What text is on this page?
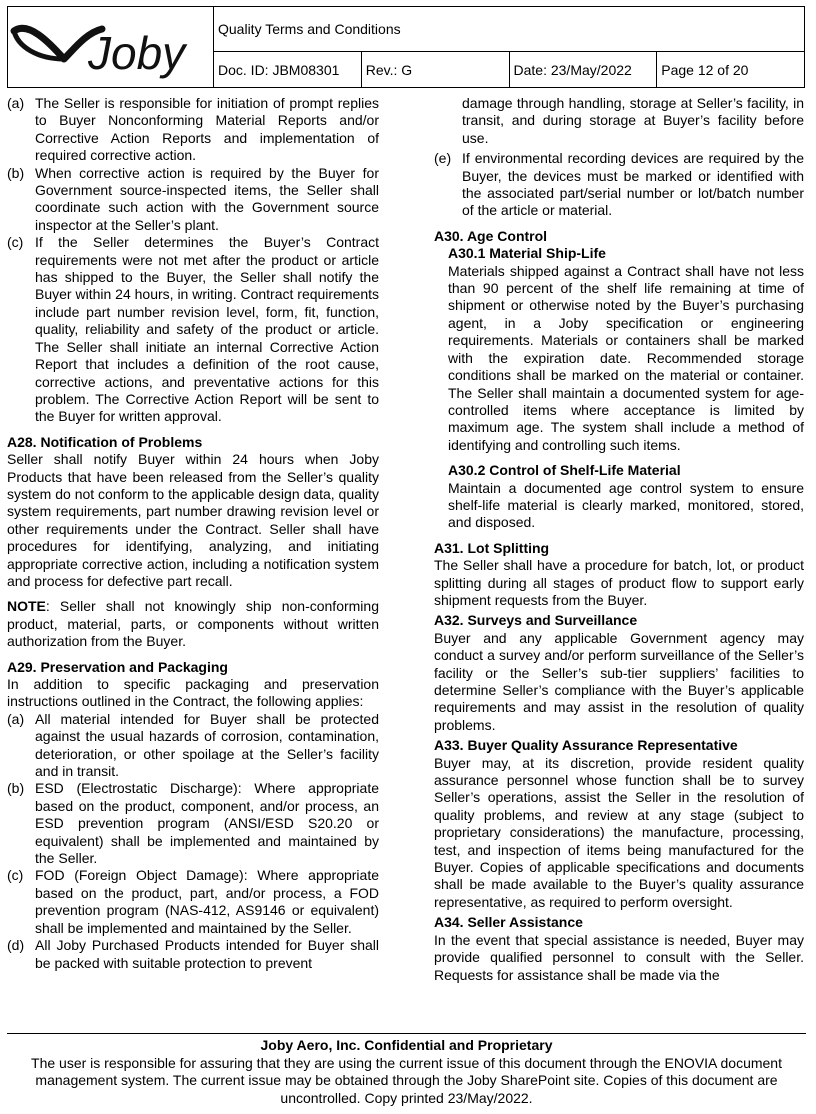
Joby	Quality Terms and Conditions			
	Doc. ID: JBM08301	Rev.: G	Date: 23/May/2022	Page 12 of 20
(a) The Seller is responsible for initiation of prompt replies to Buyer Nonconforming Material Reports and/or Corrective Action Reports and implementation of required corrective action.
(b) When corrective action is required by the Buyer for Government source-inspected items, the Seller shall coordinate such action with the Government source inspector at the Seller’s plant.
(c) If the Seller determines the Buyer’s Contract requirements were not met after the product or article has shipped to the Buyer, the Seller shall notify the Buyer within 24 hours, in writing. Contract requirements include part number revision level, form, fit, function, quality, reliability and safety of the product or article. The Seller shall initiate an internal Corrective Action Report that includes a definition of the root cause, corrective actions, and preventative actions for this problem. The Corrective Action Report will be sent to the Buyer for written approval.

A28. Notification of Problems

Seller shall notify Buyer within 24 hours when Joby Products that have been released from the Seller’s quality system do not conform to the applicable design data, quality system requirements, part number drawing revision level or other requirements under the Contract. Seller shall have procedures for identifying, analyzing, and initiating appropriate corrective action, including a notification system and process for defective part recall.

NOTE: Seller shall not knowingly ship non-conforming product, material, parts, or components without written authorization from the Buyer.

A29. Preservation and Packaging

In addition to specific packaging and preservation instructions outlined in the Contract, the following applies:

(a) All material intended for Buyer shall be protected against the usual hazards of corrosion, contamination, deterioration, or other spoilage at the Seller’s facility and in transit.
(b) ESD (Electrostatic Discharge): Where appropriate based on the product, component, and/or process, an ESD prevention program (ANSI/ESD S20.20 or equivalent) shall be implemented and maintained by the Seller.
(c) FOD (Foreign Object Damage): Where appropriate based on the product, part, and/or process, a FOD prevention program (NAS-412, AS9146 or equivalent) shall be implemented and maintained by the Seller.
(d) All Joby Purchased Products intended for Buyer shall be packed with suitable protection to prevent

damage through handling, storage at Seller’s facility, in transit, and during storage at Buyer’s facility before use.

(e) If environmental recording devices are required by the Buyer, the devices must be marked or identified with the associated part/serial number or lot/batch number of the article or material.

A30. Age Control

A30.1 Material Ship-Life

Materials shipped against a Contract shall have not less than 90 percent of the shelf life remaining at time of shipment or otherwise noted by the Buyer’s purchasing agent, in a Joby specification or engineering requirements. Materials or containers shall be marked with the expiration date. Recommended storage conditions shall be marked on the material or container. The Seller shall maintain a documented system for age-controlled items where acceptance is limited by maximum age. The system shall include a method of identifying and controlling such items.

A30.2 Control of Shelf-Life Material

Maintain a documented age control system to ensure shelf-life material is clearly marked, monitored, stored, and disposed.

A31. Lot Splitting

The Seller shall have a procedure for batch, lot, or product splitting during all stages of product flow to support early shipment requests from the Buyer.

A32. Surveys and Surveillance

Buyer and any applicable Government agency may conduct a survey and/or perform surveillance of the Seller’s facility or the Seller’s sub-tier suppliers’ facilities to determine Seller’s compliance with the Buyer’s applicable requirements and may assist in the resolution of quality problems.

A33. Buyer Quality Assurance Representative

Buyer may, at its discretion, provide resident quality assurance personnel whose function shall be to survey Seller’s operations, assist the Seller in the resolution of quality problems, and review at any stage (subject to proprietary considerations) the manufacture, processing, test, and inspection of items being manufactured for the Buyer. Copies of applicable specifications and documents shall be made available to the Buyer’s quality assurance representative, as required to perform oversight.

A34. Seller Assistance

In the event that special assistance is needed, Buyer may provide qualified personnel to consult with the Seller. Requests for assistance shall be made via the

Joby Aero, Inc. Confidential and Proprietary
The user is responsible for assuring that they are using the current issue of this document through the ENOVIA document management system. The current issue may be obtained through the Joby SharePoint site. Copies of this document are uncontrolled. Copy printed 23/May/2022.
